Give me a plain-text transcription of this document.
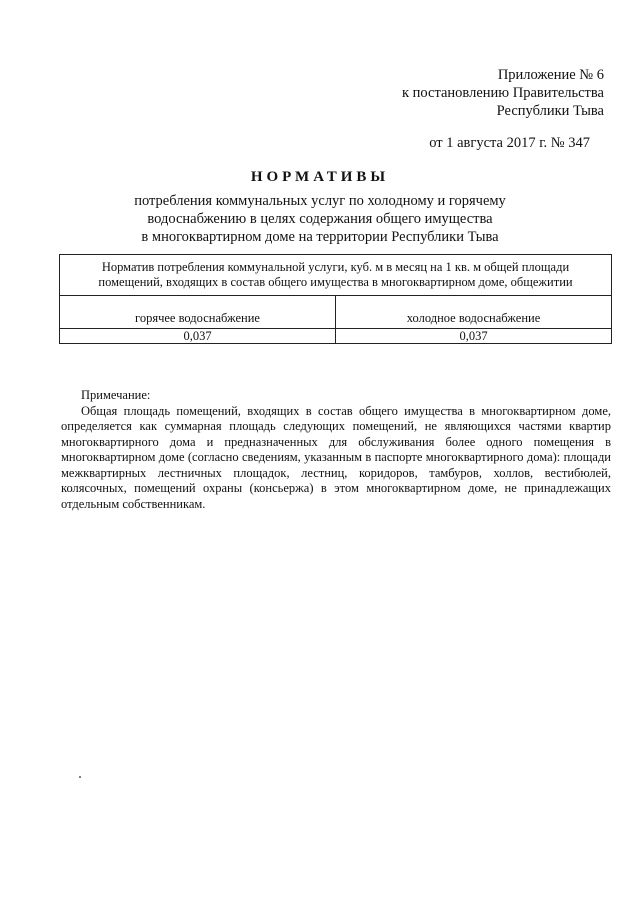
Приложение № 6
к постановлению Правительства
Республики Тыва
от 1 августа 2017 г. № 347
НОРМАТИВЫ
потребления коммунальных услуг по холодному и горячему
водоснабжению в целях содержания общего имущества
в многоквартирном доме на территории Республики Тыва
Норматив потребления коммунальной услуги, куб. м в месяц на 1 кв. м общей площади
помещений, входящих в состав общего имущества в многоквартирном доме, общежитии	

горячее водоснабжение	холодное водоснабжение
0,037	0,037
Примечание:

Общая площадь помещений, входящих в состав общего имущества в многоквартирном доме, определяется как суммарная площадь следующих помещений, не являющихся частями квартир многоквартирного дома и предназначенных для обслуживания более одного помещения в многоквартирном доме (согласно сведениям, указанным в паспорте многоквартирного дома): площади межквартирных лестничных площадок, лестниц, коридоров, тамбуров, холлов, вестибюлей, колясочных, помещений охраны (консьержа) в этом многоквартирном доме, не принадлежащих отдельным собственникам.
